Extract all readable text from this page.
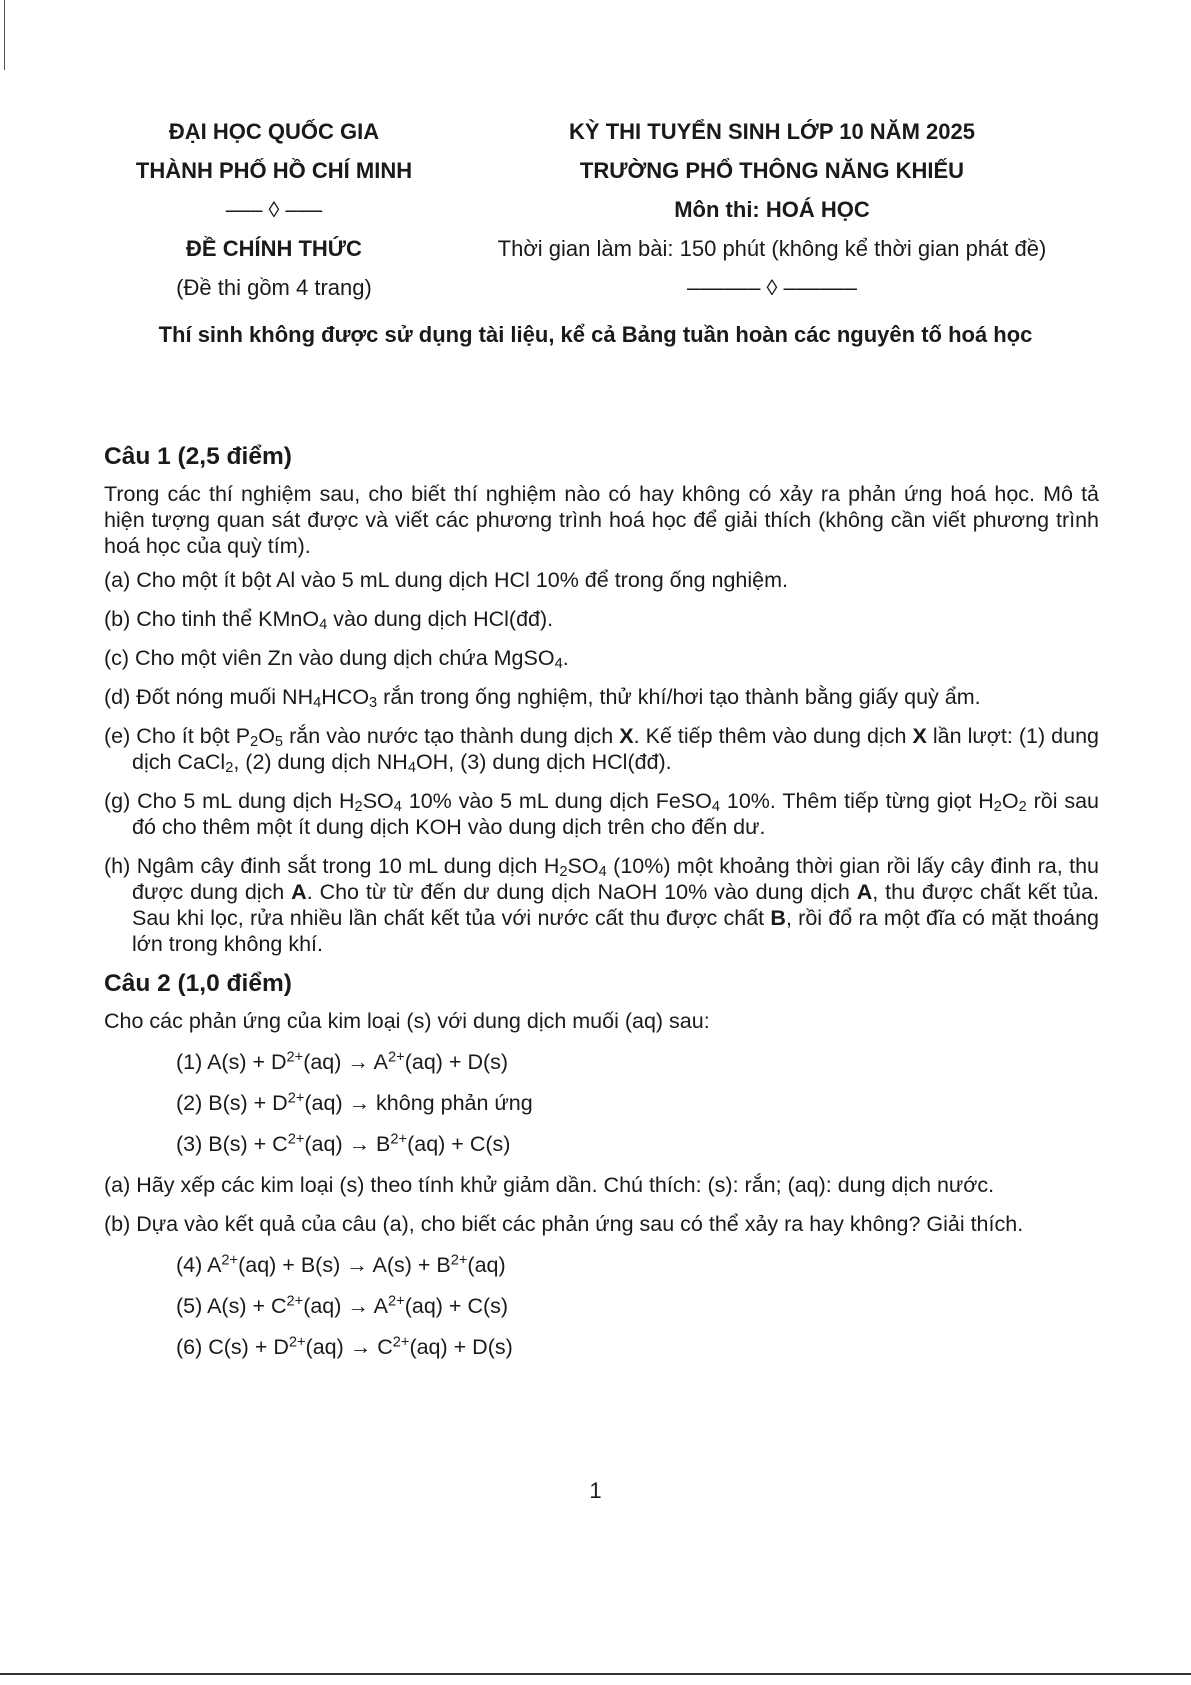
ĐẠI HỌC QUỐC GIA
THÀNH PHỐ HỒ CHÍ MINH
––– ◊ –––
ĐỀ CHÍNH THỨC
(Đề thi gồm 4 trang)
KỲ THI TUYỂN SINH LỚP 10 NĂM 2025
TRƯỜNG PHỔ THÔNG NĂNG KHIẾU
Môn thi: HOÁ HỌC
Thời gian làm bài: 150 phút (không kể thời gian phát đề)
–––––– ◊ ––––––
Thí sinh không được sử dụng tài liệu, kể cả Bảng tuần hoàn các nguyên tố hoá học
Câu 1 (2,5 điểm)
Trong các thí nghiệm sau, cho biết thí nghiệm nào có hay không có xảy ra phản ứng hoá học. Mô tả hiện tượng quan sát được và viết các phương trình hoá học để giải thích (không cần viết phương trình hoá học của quỳ tím).
(a) Cho một ít bột Al vào 5 mL dung dịch HCl 10% để trong ống nghiệm.
(b) Cho tinh thể KMnO$_4$ vào dung dịch HCl(đđ).
(c) Cho một viên Zn vào dung dịch chứa MgSO$_4$.
(d) Đốt nóng muối $NH_4HCO_3$ rắn trong ống nghiệm, thử khí/hơi tạo thành bằng giấy quỳ ẩm.
(e) Cho ít bột $P_2O_5$ rắn vào nước tạo thành dung dịch X. Kế tiếp thêm vào dung dịch X lần lượt: (1) dung dịch CaCl$_2$, (2) dung dịch $NH_4OH$, (3) dung dịch HCl(đđ).
(g) Cho 5 mL dung dịch $H_2SO_4$ 10% vào 5 mL dung dịch FeSO$_4$ 10%. Thêm tiếp từng giọt $H_2O_2$ rồi sau đó cho thêm một ít dung dịch KOH vào dung dịch trên cho đến dư.
(h) Ngâm cây đinh sắt trong 10 mL dung dịch $H_2SO_4$ (10%) một khoảng thời gian rồi lấy cây đinh ra, thu được dung dịch A. Cho từ từ đến dư dung dịch NaOH 10% vào dung dịch A, thu được chất kết tủa. Sau khi lọc, rửa nhiều lần chất kết tủa với nước cất thu được chất B, rồi đổ ra một đĩa có mặt thoáng lớn trong không khí.
Câu 2 (1,0 điểm)
Cho các phản ứng của kim loại (s) với dung dịch muối (aq) sau:
(1) $A(s) + D^{2+}(aq) \to A^{2+}(aq) + D(s)$
(2) $B(s) + D^{2+}(aq)$ → không phản ứng
(3) $B(s) + C^{2+}(aq) \to B^{2+}(aq) + C(s)$
(a) Hãy xếp các kim loại (s) theo tính khử giảm dần. Chú thích: (s): rắn; (aq): dung dịch nước.
(b) Dựa vào kết quả của câu (a), cho biết các phản ứng sau có thể xảy ra hay không? Giải thích.
(4) $A^{2+}(aq) + B(s) \to A(s) + B^{2+}(aq)$
(5) $A(s) + C^{2+}(aq) \to A^{2+}(aq) + C(s)$
(6) $C(s) + D^{2+}(aq) \to C^{2+}(aq) + D(s)$
1
